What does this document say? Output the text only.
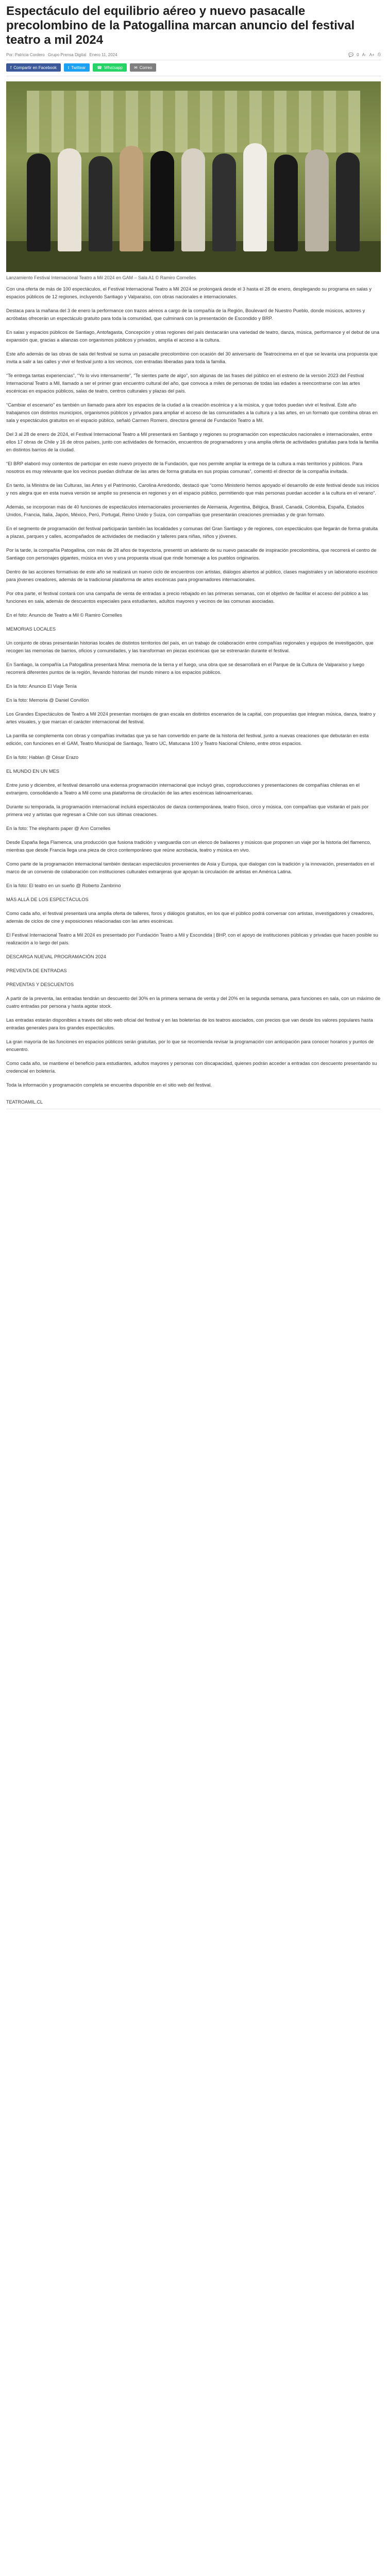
Espectáculo del equilibrio aéreo y nuevo pasacalle precolombino de la Patogallina marcan anuncio del festival teatro a mil 2024
Por: Patricia Cordero Grupo Prensa Digital Enero 11, 2024	💬 0 A- A+ ⎙
f Compartir en Facebook	t Twittear	☎ Whatsapp	✉ Correo
Lanzamiento Festival Internacional Teatro a Mil 2024 en GAM – Sala A1 © Ramiro Cornelles

Con una oferta de más de 100 espectáculos, el Festival Internacional Teatro a Mil 2024 se prolongará desde el 3 hasta el 28 de enero, desplegando su programa en salas y espacios públicos de 12 regiones, incluyendo Santiago y Valparaíso, con obras nacionales e internacionales.

Destaca para la mañana del 3 de enero la performance con trazos aéreos a cargo de la compañía de la Región, Boulevard de Nuestro Pueblo, donde músicos, actores y acróbatas ofrecerán un espectáculo gratuito para toda la comunidad, que culminará con la presentación de Escondido y BRP.

En salas y espacios públicos de Santiago, Antofagasta, Concepción y otras regiones del país destacarán una variedad de teatro, danza, música, performance y el debut de una expansión que, gracias a alianzas con organismos públicos y privados, amplía el acceso a la cultura.

Este año además de las obras de sala del festival se suma un pasacalle precolombino con ocasión del 30 aniversario de Teatrocinema en el que se levanta una propuesta que invita a salir a las calles y vivir el festival junto a los vecinos, con entradas liberadas para toda la familia.

“Te entrega tantas experiencias”, “Yo lo vivo intensamente”, “Te sientes parte de algo”, son algunas de las frases del público en el estreno de la versión 2023 del Festival Internacional Teatro a Mil, llamado a ser el primer gran encuentro cultural del año, que convoca a miles de personas de todas las edades a reencontrarse con las artes escénicas en espacios públicos, salas de teatro, centros culturales y plazas del país.

“Cambiar el escenario” es también un llamado para abrir los espacios de la ciudad a la creación escénica y a la música, y que todos puedan vivir el festival. Este año trabajamos con distintos municipios, organismos públicos y privados para ampliar el acceso de las comunidades a la cultura y a las artes, en un formato que combina obras en sala y espectáculos gratuitos en el espacio público, señaló Carmen Romero, directora general de Fundación Teatro a Mil.

Del 3 al 28 de enero de 2024, el Festival Internacional Teatro a Mil presentará en Santiago y regiones su programación con espectáculos nacionales e internacionales, entre ellos 17 obras de Chile y 16 de otros países, junto con actividades de formación, encuentros de programadores y una amplia oferta de actividades gratuitas para toda la familia en distintos barrios de la ciudad.

“El BRP elaboró muy contentos de participar en este nuevo proyecto de la Fundación, que nos permite ampliar la entrega de la cultura a más territorios y públicos. Para nosotros es muy relevante que los vecinos puedan disfrutar de las artes de forma gratuita en sus propias comunas”, comentó el director de la compañía invitada.

En tanto, la Ministra de las Culturas, las Artes y el Patrimonio, Carolina Arredondo, destacó que “como Ministerio hemos apoyado el desarrollo de este festival desde sus inicios y nos alegra que en esta nueva versión se amplíe su presencia en regiones y en el espacio público, permitiendo que más personas puedan acceder a la cultura en el verano”.

Además, se incorporan más de 40 funciones de espectáculos internacionales provenientes de Alemania, Argentina, Bélgica, Brasil, Canadá, Colombia, España, Estados Unidos, Francia, Italia, Japón, México, Perú, Portugal, Reino Unido y Suiza, con compañías que presentarán creaciones premiadas y de gran formato.

En el segmento de programación del festival participarán también las localidades y comunas del Gran Santiago y de regiones, con espectáculos que llegarán de forma gratuita a plazas, parques y calles, acompañados de actividades de mediación y talleres para niñas, niños y jóvenes.

Por la tarde, la compañía Patogallina, con más de 28 años de trayectoria, presentó un adelanto de su nuevo pasacalle de inspiración precolombina, que recorrerá el centro de Santiago con personajes gigantes, música en vivo y una propuesta visual que rinde homenaje a los pueblos originarios.

Dentro de las acciones formativas de este año se realizará un nuevo ciclo de encuentros con artistas, diálogos abiertos al público, clases magistrales y un laboratorio escénico para jóvenes creadores, además de la tradicional plataforma de artes escénicas para programadores internacionales.

Por otra parte, el festival contará con una campaña de venta de entradas a precio rebajado en las primeras semanas, con el objetivo de facilitar el acceso del público a las funciones en sala, además de descuentos especiales para estudiantes, adultos mayores y vecinos de las comunas asociadas.

En el foto: Anuncio de Teatro a Mil © Ramiro Cornelles

MEMORIAS LOCALES

Un conjunto de obras presentarán historias locales de distintos territorios del país, en un trabajo de colaboración entre compañías regionales y equipos de investigación, que recogen las memorias de barrios, oficios y comunidades, y las transforman en piezas escénicas que se estrenarán durante el festival.

En Santiago, la compañía La Patogallina presentará Mina: memoria de la tierra y el fuego, una obra que se desarrollará en el Parque de la Cultura de Valparaíso y luego recorrerá diferentes puntos de la región, llevando historias del mundo minero a los espacios públicos.

En la foto: Anuncio El Viaje Tenía

En la foto: Memoria @ Daniel Corvillón

Los Grandes Espectáculos de Teatro a Mil 2024 presentan montajes de gran escala en distintos escenarios de la capital, con propuestas que integran música, danza, teatro y artes visuales, y que marcan el carácter internacional del festival.

La parrilla se complementa con obras y compañías invitadas que ya se han convertido en parte de la historia del festival, junto a nuevas creaciones que debutarán en esta edición, con funciones en el GAM, Teatro Municipal de Santiago, Teatro UC, Matucana 100 y Teatro Nacional Chileno, entre otros espacios.

En la foto: Hablan @ César Erazo

EL MUNDO EN UN MES

Entre junio y diciembre, el festival desarrolló una extensa programación internacional que incluyó giras, coproducciones y presentaciones de compañías chilenas en el extranjero, consolidando a Teatro a Mil como una plataforma de circulación de las artes escénicas latinoamericanas.

Durante su temporada, la programación internacional incluirá espectáculos de danza contemporánea, teatro físico, circo y música, con compañías que visitarán el país por primera vez y artistas que regresan a Chile con sus últimas creaciones.

En la foto: The elephants paper @ Ann Cornelles

Desde España llega Flamenca, una producción que fusiona tradición y vanguardia con un elenco de bailaores y músicos que proponen un viaje por la historia del flamenco, mientras que desde Francia llega una pieza de circo contemporáneo que reúne acrobacia, teatro y música en vivo.

Como parte de la programación internacional también destacan espectáculos provenientes de Asia y Europa, que dialogan con la tradición y la innovación, presentados en el marco de un convenio de colaboración con instituciones culturales extranjeras que apoyan la circulación de artistas en América Latina.

En la foto: El teatro en un sueño @ Roberto Zambrino

MÁS ALLÁ DE LOS ESPECTÁCULOS

Como cada año, el festival presentará una amplia oferta de talleres, foros y diálogos gratuitos, en los que el público podrá conversar con artistas, investigadores y creadores, además de ciclos de cine y exposiciones relacionadas con las artes escénicas.

El Festival Internacional Teatro a Mil 2024 es presentado por Fundación Teatro a Mil y Escondida | BHP, con el apoyo de instituciones públicas y privadas que hacen posible su realización a lo largo del país.

DESCARGA NUEVAL PROGRAMACIÓN 2024

PREVENTA DE ENTRADAS

PREVENTAS Y DESCUENTOS

A partir de la preventa, las entradas tendrán un descuento del 30% en la primera semana de venta y del 20% en la segunda semana, para funciones en sala, con un máximo de cuatro entradas por persona y hasta agotar stock.

Las entradas estarán disponibles a través del sitio web oficial del festival y en las boleterías de los teatros asociados, con precios que van desde los valores populares hasta entradas generales para los grandes espectáculos.

La gran mayoría de las funciones en espacios públicos serán gratuitas, por lo que se recomienda revisar la programación con anticipación para conocer horarios y puntos de encuentro.

Como cada año, se mantiene el beneficio para estudiantes, adultos mayores y personas con discapacidad, quienes podrán acceder a entradas con descuento presentando su credencial en boletería.

Toda la información y programación completa se encuentra disponible en el sitio web del festival.

TEATROAMIL.CL
